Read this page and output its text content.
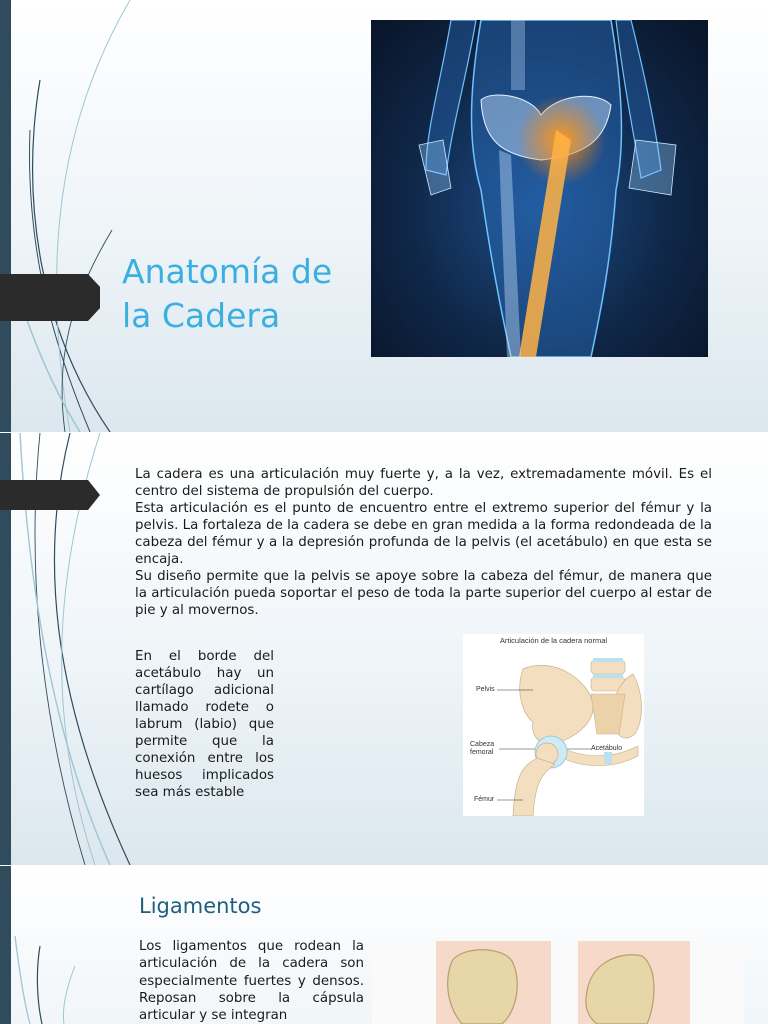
Anatomía de
la Cadera

La cadera es una articulación muy fuerte y, a la vez, extremadamente móvil. Es el centro del sistema de propulsión del cuerpo.

Esta articulación es el punto de encuentro entre el extremo superior del fémur y la pelvis. La fortaleza de la cadera se debe en gran medida a la forma redondeada de la cabeza del fémur y a la depresión profunda de la pelvis (el acetábulo) en que esta se encaja.

Su diseño permite que la pelvis se apoye sobre la cabeza del fémur, de manera que la articulación pueda soportar el peso de toda la parte superior del cuerpo al estar de pie y al movernos.

En el borde del acetábulo hay un cartílago adicional llamado rodete o labrum (labio) que permite que la conexión entre los huesos implicados sea más estable
Articulación de la cadera normal
Pelvis
Cabeza
femoral
Acetábulo
Fémur
Ligamentos
Los ligamentos que rodean la articulación de la cadera son especialmente fuertes y densos. Reposan sobre la cápsula articular y se integran
